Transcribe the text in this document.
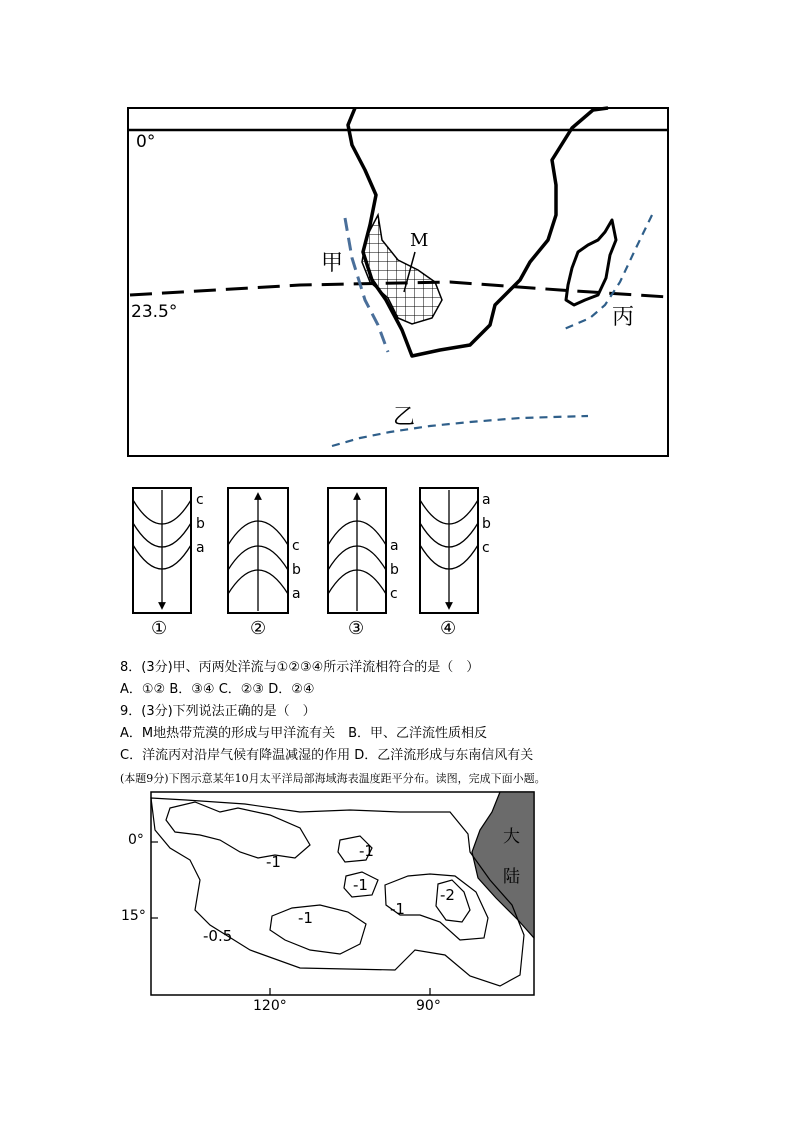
0°
23.5°
甲
丙
乙
M
c
b
a	c
b
a
a
b
c
a
b
c
①	②	③	④
8．(3分)甲、丙两处洋流与①②③④所示洋流相符合的是（　）
A．①② B．③④ C．②③ D．②④
9．(3分)下列说法正确的是（　）
A．M地热带荒漠的形成与甲洋流有关　B．甲、乙洋流性质相反
C．洋流丙对沿岸气候有降温减湿的作用 D．乙洋流形成与东南信风有关
(本题9分)下图示意某年10月太平洋局部海域海表温度距平分布。读图，完成下面小题。
0°
15°
120°	90°
大
陆
-1
-1
-1
-1
-2
-1
-0.5
